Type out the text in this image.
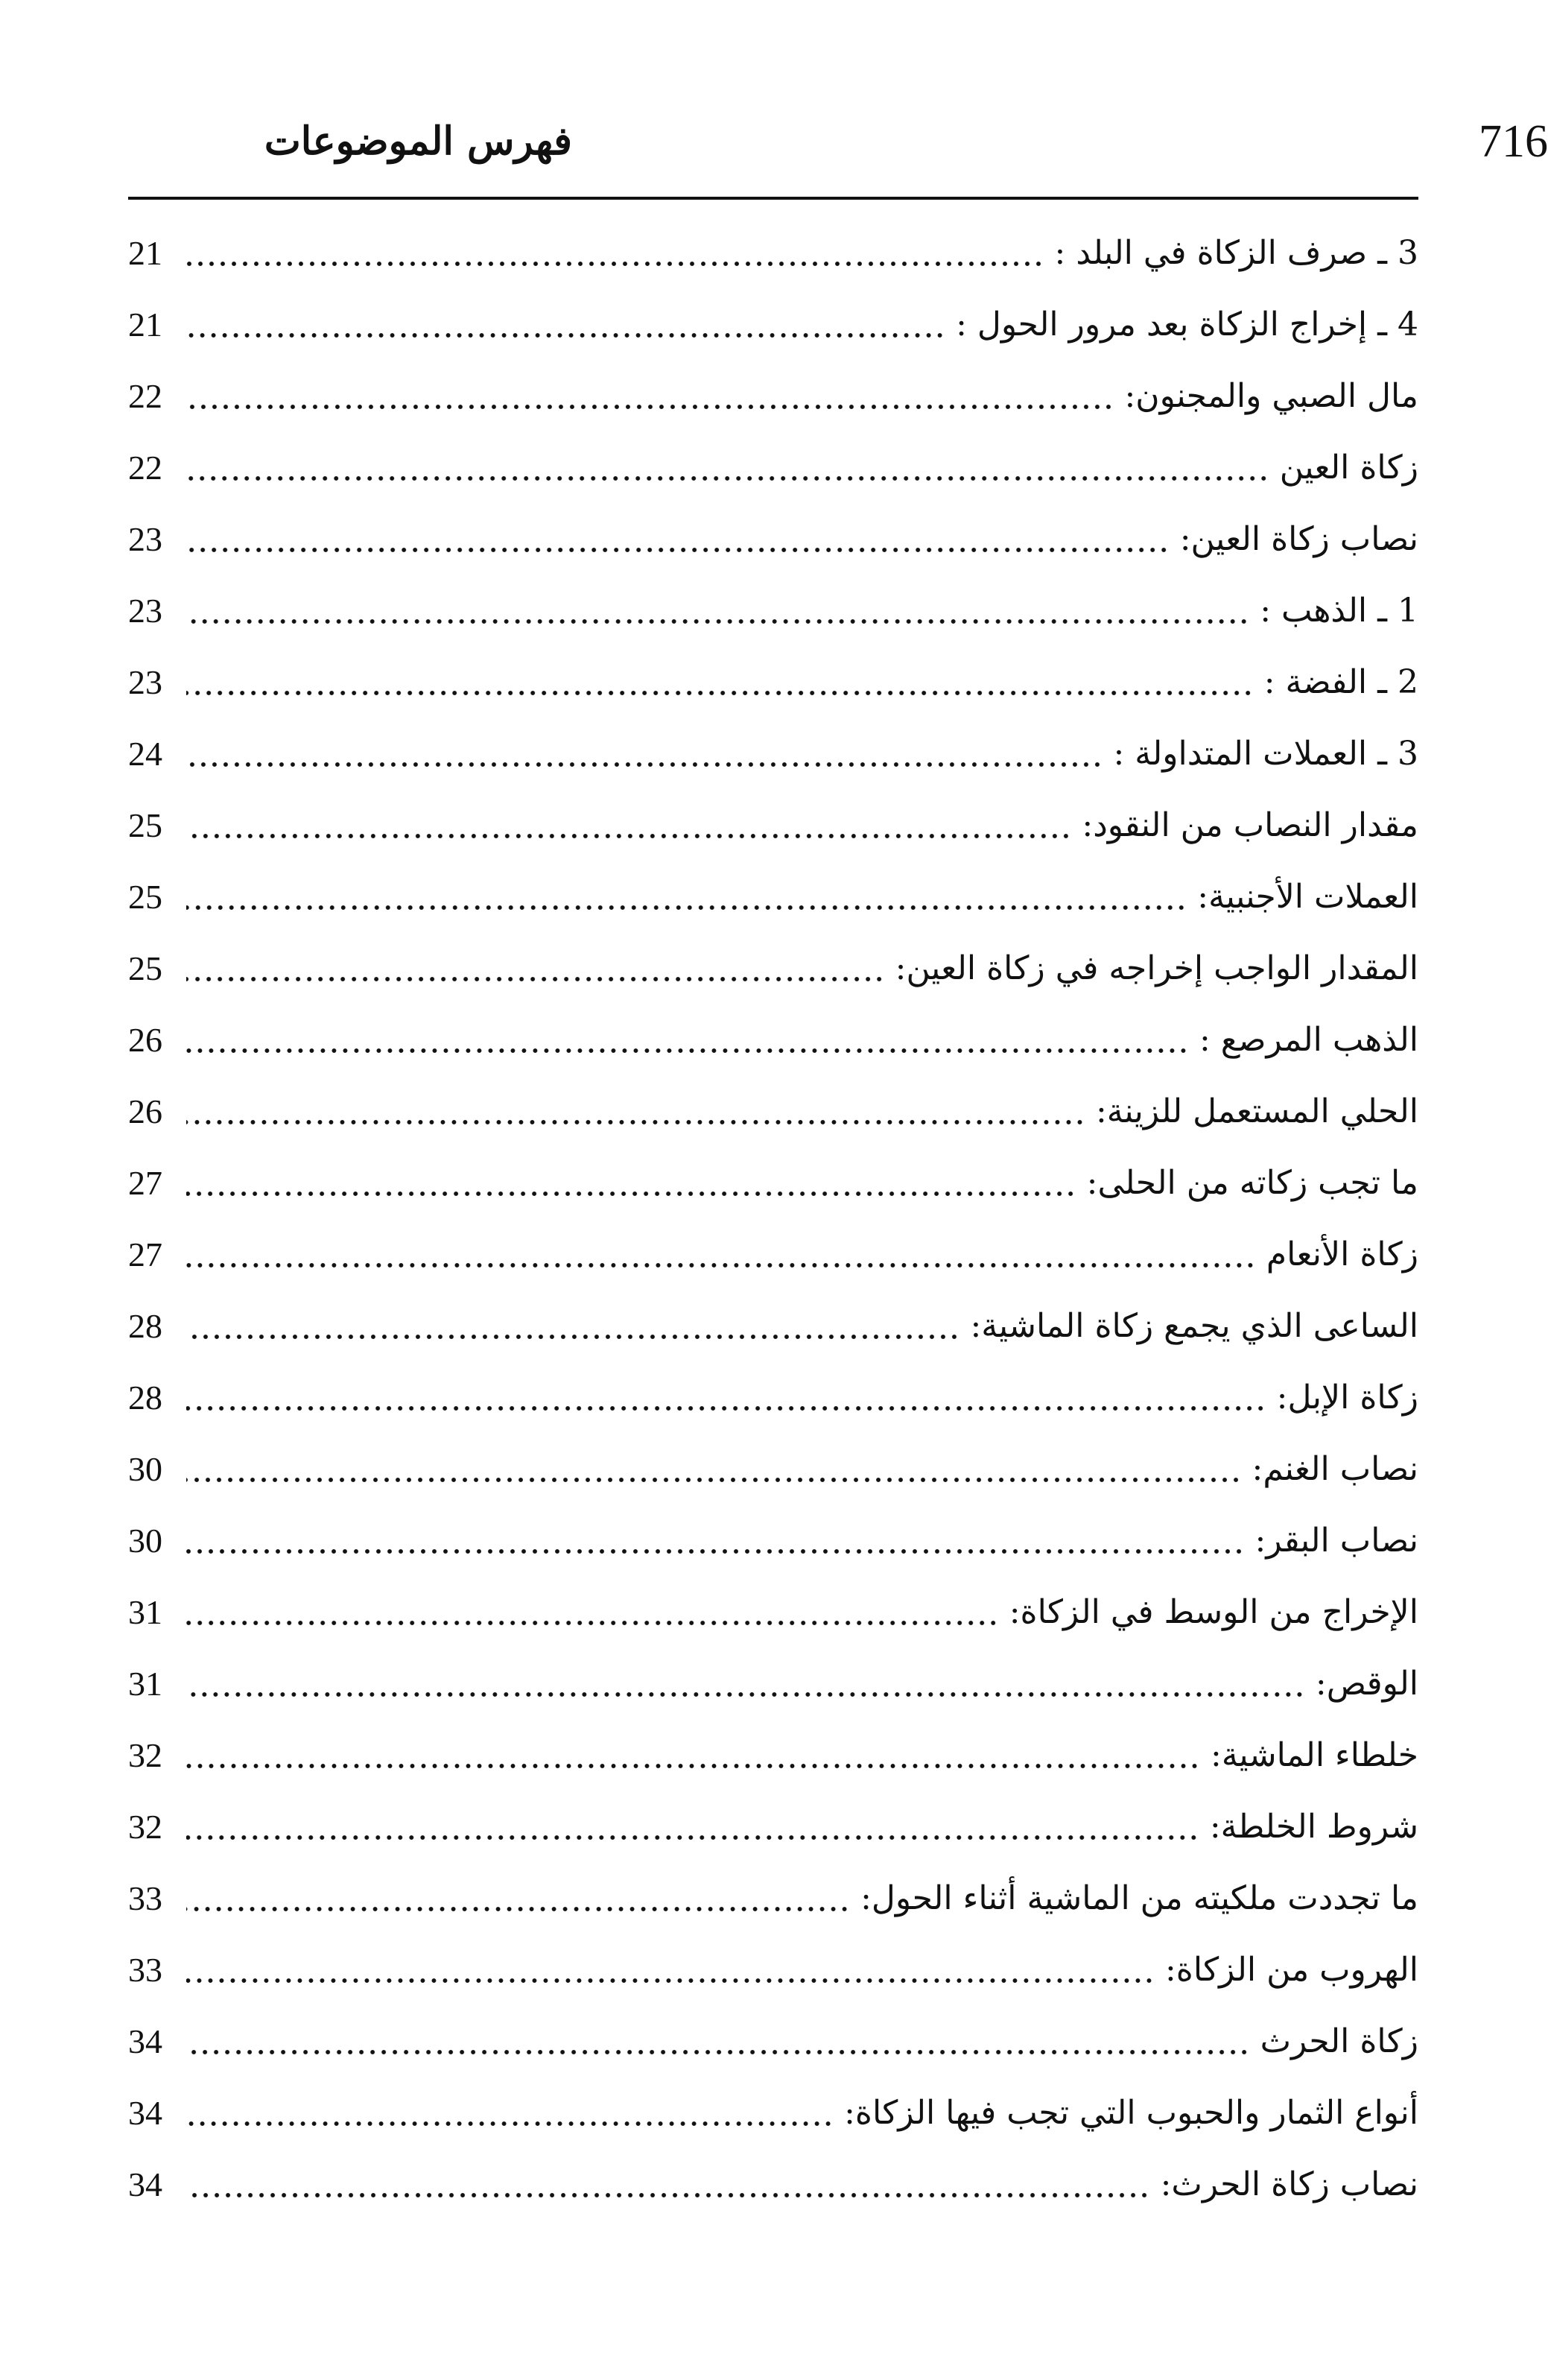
فهرس الموضوعات	716
3 ـ صرف الزكاة في البلد :
21
4 ـ إخراج الزكاة بعد مرور الحول :
21
مال الصبي والمجنون:
22
زكاة العين
22
نصاب زكاة العين:
23
1 ـ الذهب :
23
2 ـ الفضة :
23
3 ـ العملات المتداولة :
24
مقدار النصاب من النقود:
25
العملات الأجنبية:
25
المقدار الواجب إخراجه في زكاة العين:
25
الذهب المرصع :
26
الحلي المستعمل للزينة:
26
ما تجب زكاته من الحلى:
27
زكاة الأنعام
27
الساعى الذي يجمع زكاة الماشية:
28
زكاة الإبل:
28
نصاب الغنم:
30
نصاب البقر:
30
الإخراج من الوسط في الزكاة:
31
الوقص:
31
خلطاء الماشية:
32
شروط الخلطة:
32
ما تجددت ملكيته من الماشية أثناء الحول:
33
الهروب من الزكاة:
33
زكاة الحرث
34
أنواع الثمار والحبوب التي تجب فيها الزكاة:
34
نصاب زكاة الحرث:
34
